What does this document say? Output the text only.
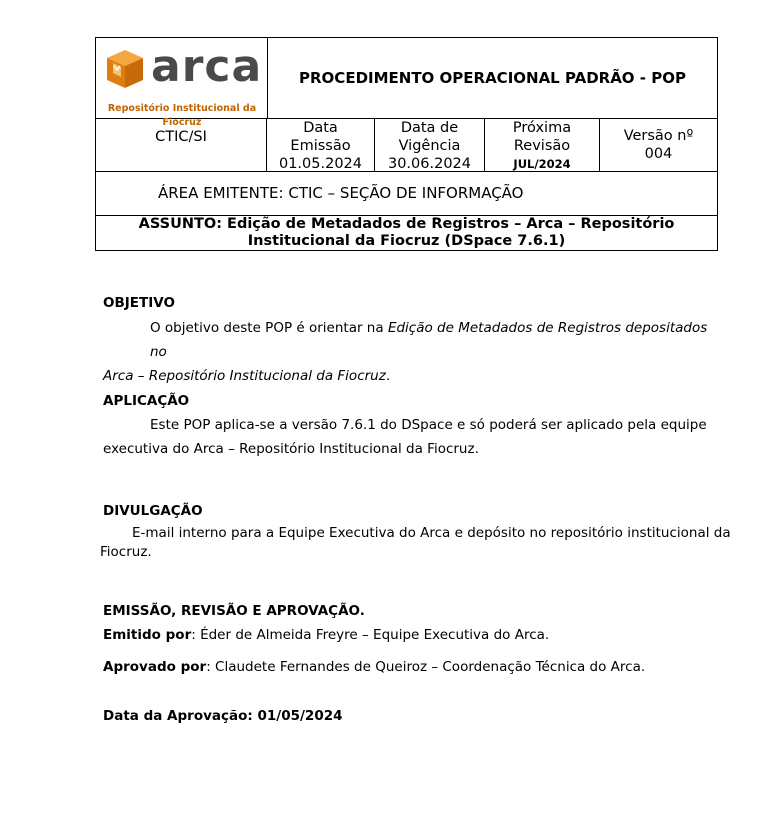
arca
Repositório Institucional da Fiocruz
PROCEDIMENTO OPERACIONAL PADRÃO - POP
CTIC/SI
Data
Emissão
01.05.2024
Data de
Vigência
30.06.2024
Próxima
Revisão
JUL/2024
Versão nº
004
ÁREA EMITENTE: CTIC – SEÇÃO DE INFORMAÇÃO
ASSUNTO: Edição de Metadados de Registros – Arca – Repositório
Institucional da Fiocruz (DSpace 7.6.1)
OBJETIVO
O objetivo deste POP é orientar na Edição de Metadados de Registros depositados no
Arca – Repositório Institucional da Fiocruz.
APLICAÇÃO
Este POP aplica-se a versão 7.6.1 do DSpace e só poderá ser aplicado pela equipe
executiva do Arca – Repositório Institucional da Fiocruz.
DIVULGAÇÃO
E-mail interno para a Equipe Executiva do Arca e depósito no repositório institucional da
Fiocruz.
EMISSÃO, REVISÃO E APROVAÇÃO.
Emitido por: Éder de Almeida Freyre – Equipe Executiva do Arca.
Aprovado por: Claudete Fernandes de Queiroz – Coordenação Técnica do Arca.
Data da Aprovação: 01/05/2024
